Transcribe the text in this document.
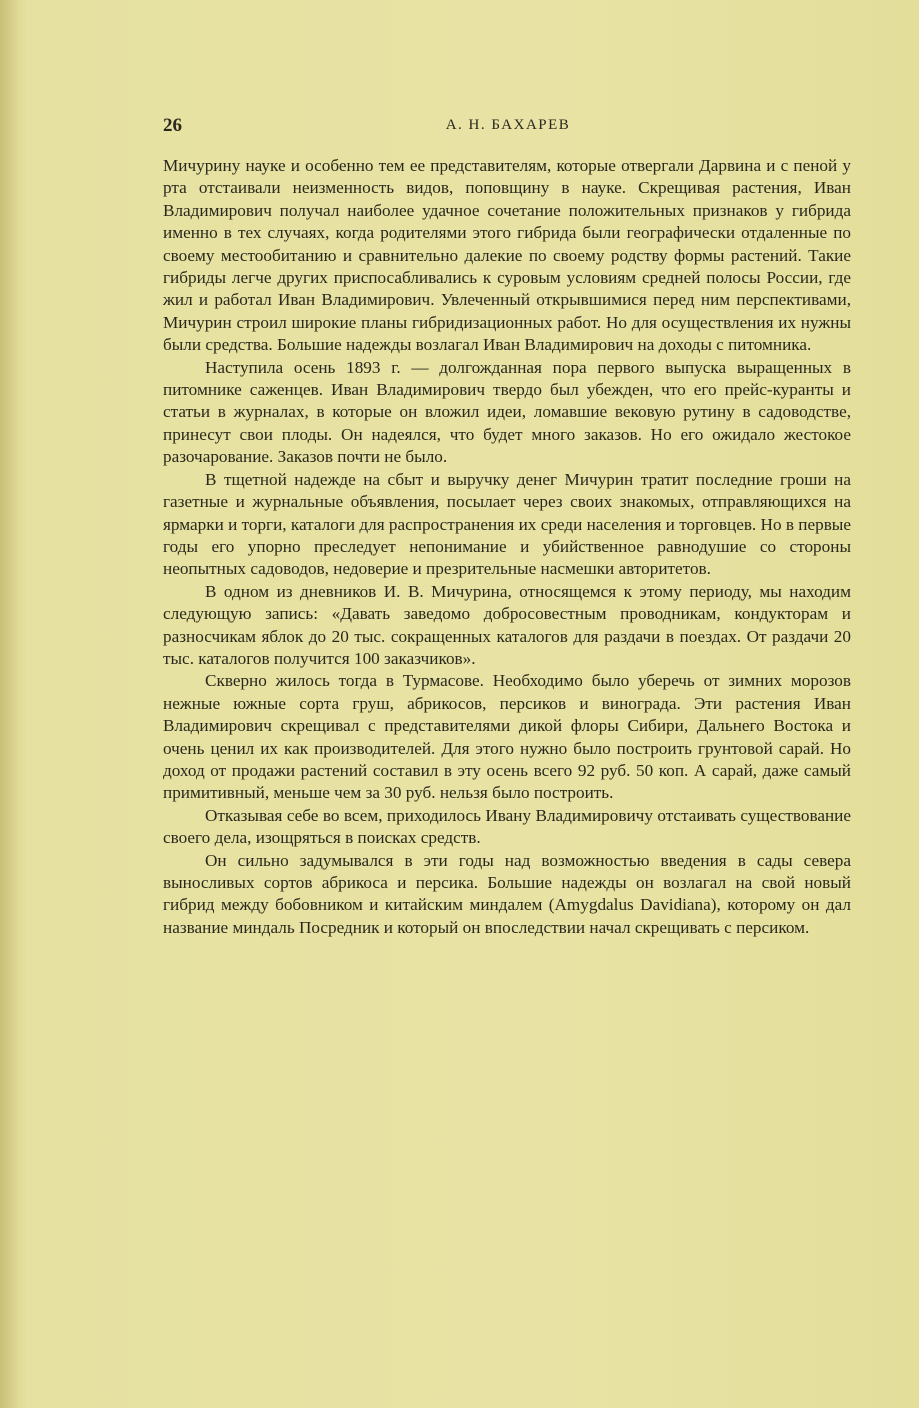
26	А. Н. БАХАРЕВ

Мичурину науке и особенно тем ее представителям, которые отвергали Дарвина и с пеной у рта отстаивали неизменность видов, поповщину в науке. Скрещивая растения, Иван Владимирович получал наиболее удачное сочетание положительных признаков у гибрида именно в тех случаях, когда родителями этого гибрида были географически отдаленные по своему местообитанию и сравнительно далекие по своему родству формы растений. Такие гибриды легче других приспосабливались к суровым условиям средней полосы России, где жил и работал Иван Владимирович. Увлеченный открывшимися перед ним перспективами, Мичурин строил широкие планы гибридизационных работ. Но для осуществления их нужны были средства. Большие надежды возлагал Иван Владимирович на доходы с питомника.

Наступила осень 1893 г. — долгожданная пора первого выпуска выращенных в питомнике саженцев. Иван Владимирович твердо был убежден, что его прейс-куранты и статьи в журналах, в которые он вложил идеи, ломавшие вековую рутину в садоводстве, принесут свои плоды. Он надеялся, что будет много заказов. Но его ожидало жестокое разочарование. Заказов почти не было.

В тщетной надежде на сбыт и выручку денег Мичурин тратит последние гроши на газетные и журнальные объявления, посылает через своих знакомых, отправляющихся на ярмарки и торги, каталоги для распространения их среди населения и торговцев. Но в первые годы его упорно преследует непонимание и убийственное равнодушие со стороны неопытных садоводов, недоверие и презрительные насмешки авторитетов.

В одном из дневников И. В. Мичурина, относящемся к этому периоду, мы находим следующую запись: «Давать заведомо добросовестным проводникам, кондукторам и разносчикам яблок до 20 тыс. сокращенных каталогов для раздачи в поездах. От раздачи 20 тыс. каталогов получится 100 заказчиков».

Скверно жилось тогда в Турмасове. Необходимо было уберечь от зимних морозов нежные южные сорта груш, абрикосов, персиков и винограда. Эти растения Иван Владимирович скрещивал с представителями дикой флоры Сибири, Дальнего Востока и очень ценил их как производителей. Для этого нужно было построить грунтовой сарай. Но доход от продажи растений составил в эту осень всего 92 руб. 50 коп. А сарай, даже самый примитивный, меньше чем за 30 руб. нельзя было построить.

Отказывая себе во всем, приходилось Ивану Владимировичу отстаивать существование своего дела, изощряться в поисках средств.

Он сильно задумывался в эти годы над возможностью введения в сады севера выносливых сортов абрикоса и персика. Большие надежды он возлагал на свой новый гибрид между бобовником и китайским миндалем (Amygdalus Davidiana), которому он дал название миндаль Посредник и который он впоследствии начал скрещивать с персиком.
